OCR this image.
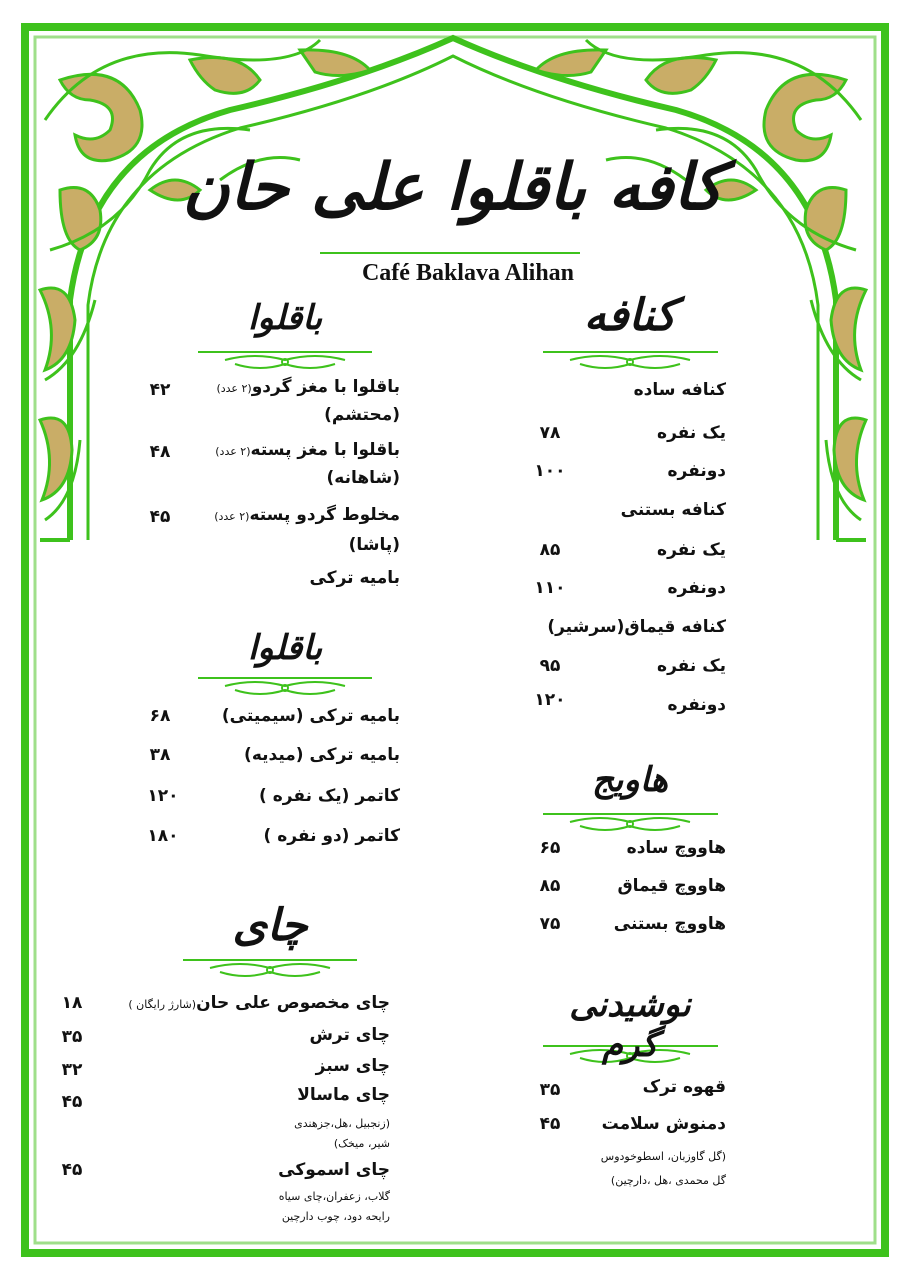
کافه باقلوا علی حان
Café Baklava Alihan
باقلوا	کنافه
باقلوا
هاویج
چای
نوشیدنی گرم
باقلوا با مغز گردو(۲ عدد)
(محتشم)
۴۲
باقلوا با مغز پسته(۲ عدد)
(شاهانه)
۴۸
مخلوط گردو پسته(۲ عدد)
(پاشا)
۴۵
بامیه ترکی
بامیه ترکی (سیمیتی)
۶۸
بامیه ترکی (میدیه)
۳۸
کاتمر (یک نفره )
۱۲۰
کاتمر (دو نفره )
۱۸۰
چای مخصوص علی حان(شارژ رایگان )
۱۸
چای ترش
۳۵
چای سبز
۳۲
چای ماسالا
۴۵
(زنجبیل ،هل،جزهندی
شیر، میخک)
چای اسموکی
۴۵
گلاب، زعفران،چای سیاه
رایحه دود، چوب دارچین
کنافه ساده
یک نفره
۷۸
دونفره
۱۰۰
کنافه بستنی
یک نفره
۸۵
دونفره
۱۱۰
کنافه قیماق(سرشیر)
یک نفره
۹۵
دونفره
۱۲۰
هاووچ ساده
۶۵
هاووچ قیماق
۸۵
هاووچ بستنی
۷۵
قهوه ترک
۳۵
دمنوش سلامت
۴۵
(گل گاوزبان، اسطوخودوس
گل محمدی ،هل ،دارچین)
